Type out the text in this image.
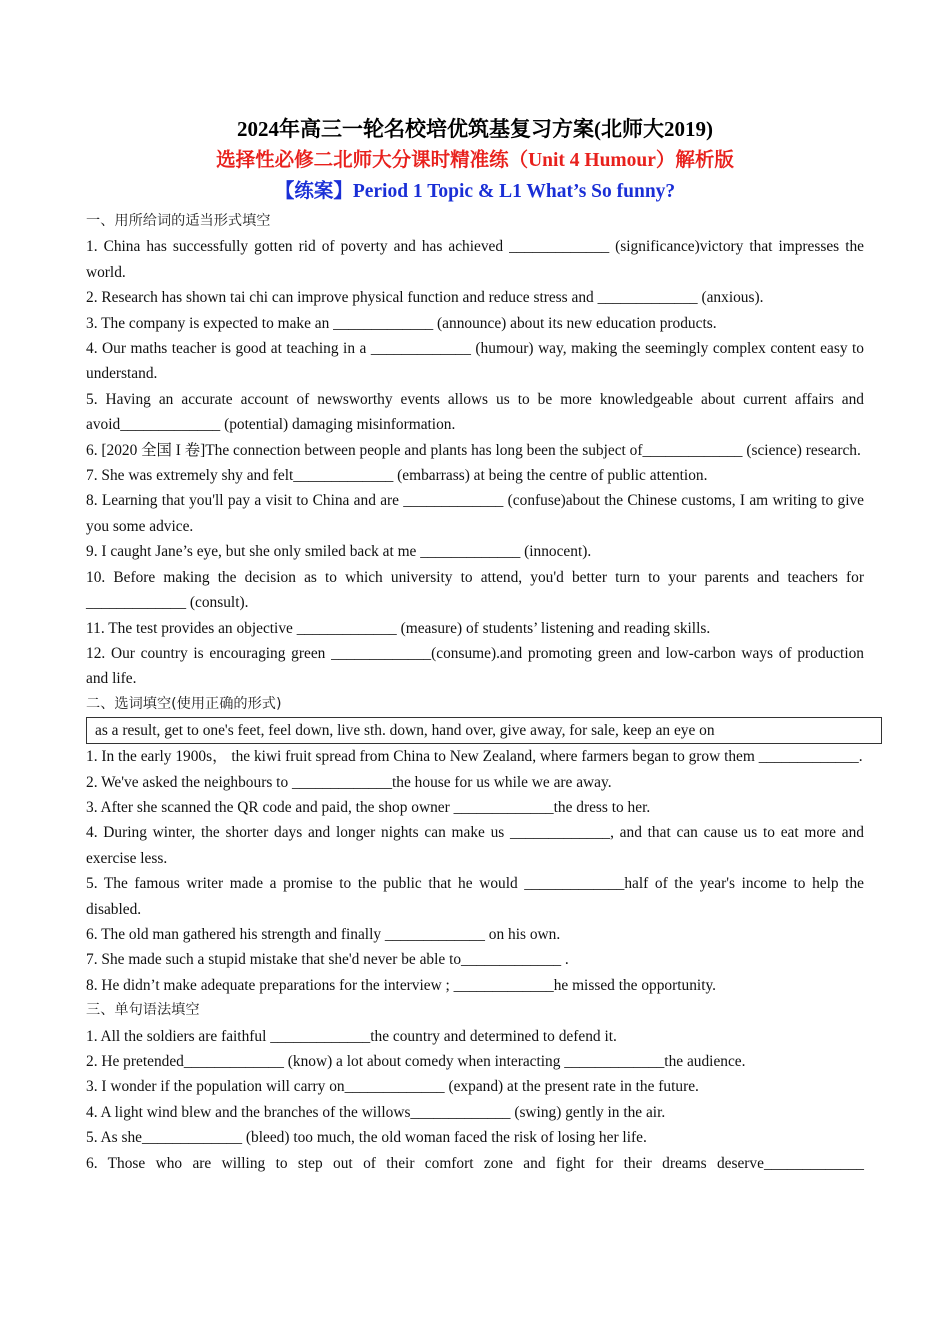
2024年高三一轮名校培优筑基复习方案(北师大2019)
选择性必修二北师大分课时精准练（Unit 4 Humour）解析版
【练案】Period 1 Topic & L1 What’s So funny?
一、用所给词的适当形式填空

1. China has successfully gotten rid of poverty and has achieved _____________ (significance)victory that impresses the world.

2. Research has shown tai chi can improve physical function and reduce stress and _____________ (anxious).

3. The company is expected to make an _____________ (announce) about its new education products.

4. Our maths teacher is good at teaching in a _____________ (humour) way, making the seemingly complex content easy to understand.

5. Having an accurate account of newsworthy events allows us to be more knowledgeable about current affairs and avoid_____________ (potential) damaging misinformation.

6. [2020 全国 I 卷]The connection between people and plants has long been the subject of_____________ (science) research.

7. She was extremely shy and felt_____________ (embarrass) at being the centre of public attention.

8. Learning that you'll pay a visit to China and are _____________ (confuse)about the Chinese customs, I am writing to give you some advice.

9. I caught Jane’s eye, but she only smiled back at me _____________ (innocent).

10. Before making the decision as to which university to attend, you'd better turn to your parents and teachers for _____________ (consult).

11. The test provides an objective _____________ (measure) of students’ listening and reading skills.

12. Our country is encouraging green _____________(consume).and promoting green and low-carbon ways of production and life.

二、选词填空(使用正确的形式)
as a result, get to one's feet, feel down, live sth. down, hand over, give away, for sale, keep an eye on

1. In the early 1900s， the kiwi fruit spread from China to New Zealand, where farmers began to grow them _____________.

2. We've asked the neighbours to _____________the house for us while we are away.

3. After she scanned the QR code and paid, the shop owner _____________the dress to her.

4. During winter, the shorter days and longer nights can make us _____________, and that can cause us to eat more and exercise less.

5. The famous writer made a promise to the public that he would _____________half of the year's income to help the disabled.

6. The old man gathered his strength and finally _____________ on his own.

7. She made such a stupid mistake that she'd never be able to_____________ .

8. He didn’t make adequate preparations for the interview ; _____________he missed the opportunity.

三、单句语法填空

1. All the soldiers are faithful _____________the country and determined to defend it.

2. He pretended_____________ (know) a lot about comedy when interacting _____________the audience.

3. I wonder if the population will carry on_____________ (expand) at the present rate in the future.

4. A light wind blew and the branches of the willows_____________ (swing) gently in the air.

5. As she_____________ (bleed) too much, the old woman faced the risk of losing her life.

6. Those who are willing to step out of their comfort zone and fight for their dreams deserve_____________
